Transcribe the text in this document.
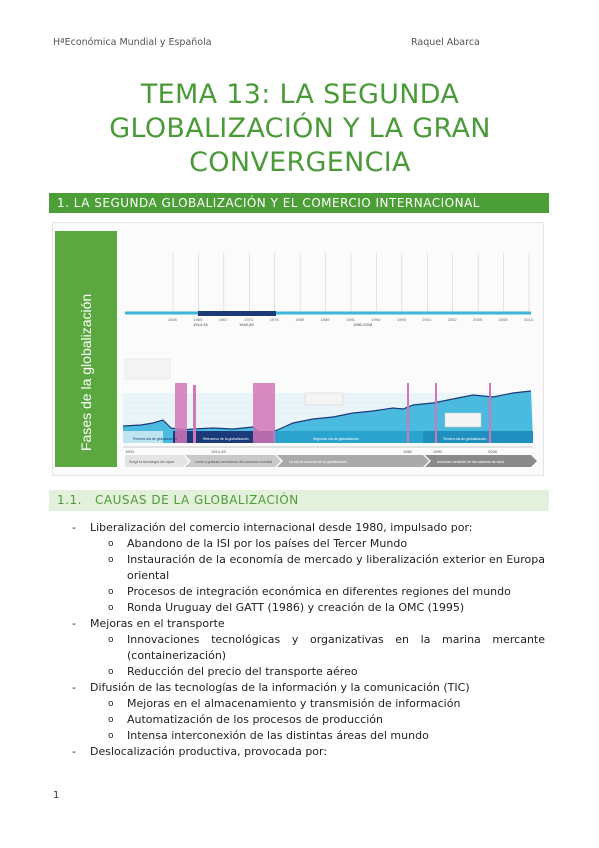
HªEconómica Mundial y Española	Raquel Abarca
TEMA 13: LA SEGUNDA
GLOBALIZACIÓN Y LA GRAN
CONVERGENCIA
1. LA SEGUNDA GLOBALIZACIÓN Y EL COMERCIO INTERNACIONAL
Fases de la globalización	1945	1960	1967	1971	1975	1980	1989	1991	1994	1995	2001	2002	2005	2008	2013
1914-45	1945-80	1980-2008
1900	1914-45	1980	1990	2008
Primera ola de globalización	Retroceso de la globalización	Segunda ola de globalización	Tercera ola de globalización
Surge la tecnología del vapor	Lento y gradual crecimiento del comercio mundial	La ola de ascenso de la globalización	Aumento creciente de las cadenas de valor
1.1. CAUSAS DE LA GLOBALIZACIÓN
- Liberalización del comercio internacional desde 1980, impulsado por:
o Abandono de la ISI por los países del Tercer Mundo
o Instauración de la economía de mercado y liberalización exterior en Europa oriental
o Procesos de integración económica en diferentes regiones del mundo
o Ronda Uruguay del GATT (1986) y creación de la OMC (1995)
- Mejoras en el transporte
o Innovaciones tecnológicas y organizativas en la marina mercante (containerización)
o Reducción del precio del transporte aéreo
- Difusión de las tecnologías de la información y la comunicación (TIC)
o Mejoras en el almacenamiento y transmisión de información
o Automatización de los procesos de producción
o Intensa interconexión de las distintas áreas del mundo
- Deslocalización productiva, provocada por:
1
